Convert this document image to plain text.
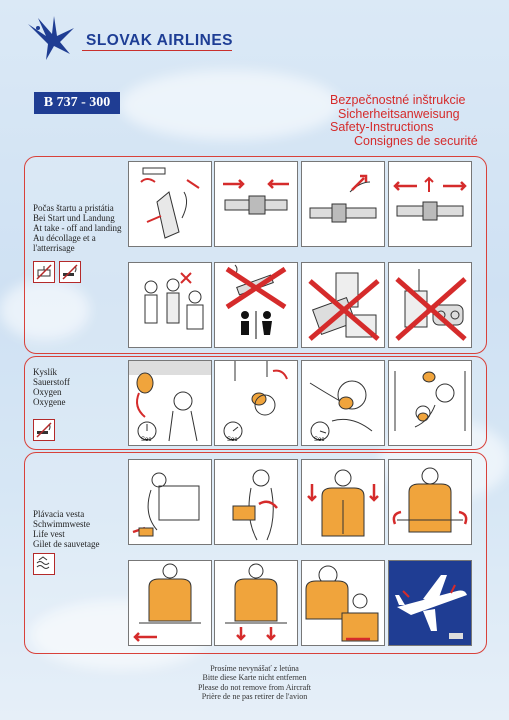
SLOVAK AIRLINES
B 737 - 300	Bezpečnostné inštrukcie
Sicherheitsanweisung
Safety-Instructions
Consignes de securité
Počas štartu a pristátia
Bei Start und Landung
At take - off and landing
Au décollage et a
l'atterrisage
Kyslík
Sauerstoff
Oxygen
Oxygene
Sec	Sec	Sec
Plávacia vesta
Schwimmweste
Life vest
Gilet de sauvetage
Prosíme nevynášať z letúna
Bitte diese Karte nicht entfernen
Please do not remove from Aircraft
Prière de ne pas retirer de l'avion
